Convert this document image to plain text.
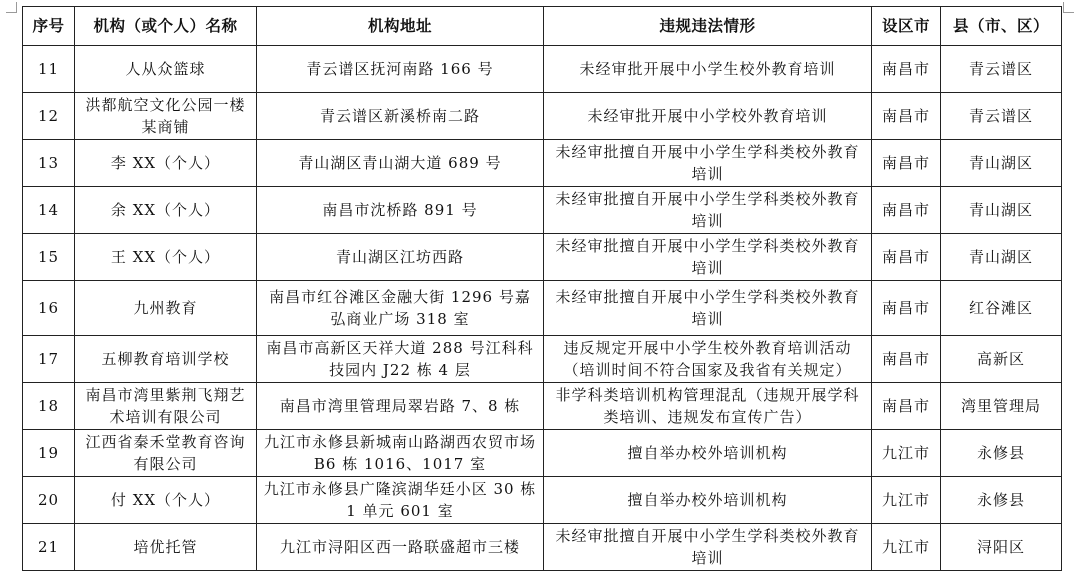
序号	机构（或个人）名称	机构地址	违规违法情形	设区市	县（市、区）
11	人从众篮球	青云谱区抚河南路 166 号	未经审批开展中小学生校外教育培训	南昌市	青云谱区
12	洪都航空文化公园一楼某商铺	青云谱区新溪桥南二路	未经审批开展中小学校外教育培训	南昌市	青云谱区
13	李 XX（个人）	青山湖区青山湖大道 689 号	未经审批擅自开展中小学生学科类校外教育培训	南昌市	青山湖区
14	余 XX（个人）	南昌市沈桥路 891 号	未经审批擅自开展中小学生学科类校外教育培训	南昌市	青山湖区
15	王 XX（个人）	青山湖区江坊西路	未经审批擅自开展中小学生学科类校外教育培训	南昌市	青山湖区
16	九州教育	南昌市红谷滩区金融大街 1296 号嘉弘商业广场 318 室	未经审批擅自开展中小学生学科类校外教育培训	南昌市	红谷滩区
17	五柳教育培训学校	南昌市高新区天祥大道 288 号江科科技园内 J22 栋 4 层	违反规定开展中小学生校外教育培训活动（培训时间不符合国家及我省有关规定）	南昌市	高新区
18	南昌市湾里紫荆飞翔艺术培训有限公司	南昌市湾里管理局翠岩路 7、8 栋	非学科类培训机构管理混乱（违规开展学科类培训、违规发布宣传广告）	南昌市	湾里管理局
19	江西省秦禾堂教育咨询有限公司	九江市永修县新城南山路湖西农贸市场 B6 栋 1016、1017 室	擅自举办校外培训机构	九江市	永修县
20	付 XX（个人）	九江市永修县广隆滨湖华廷小区 30 栋 1 单元 601 室	擅自举办校外培训机构	九江市	永修县
21	培优托管	九江市浔阳区西一路联盛超市三楼	未经审批擅自开展中小学生学科类校外教育培训	九江市	浔阳区
